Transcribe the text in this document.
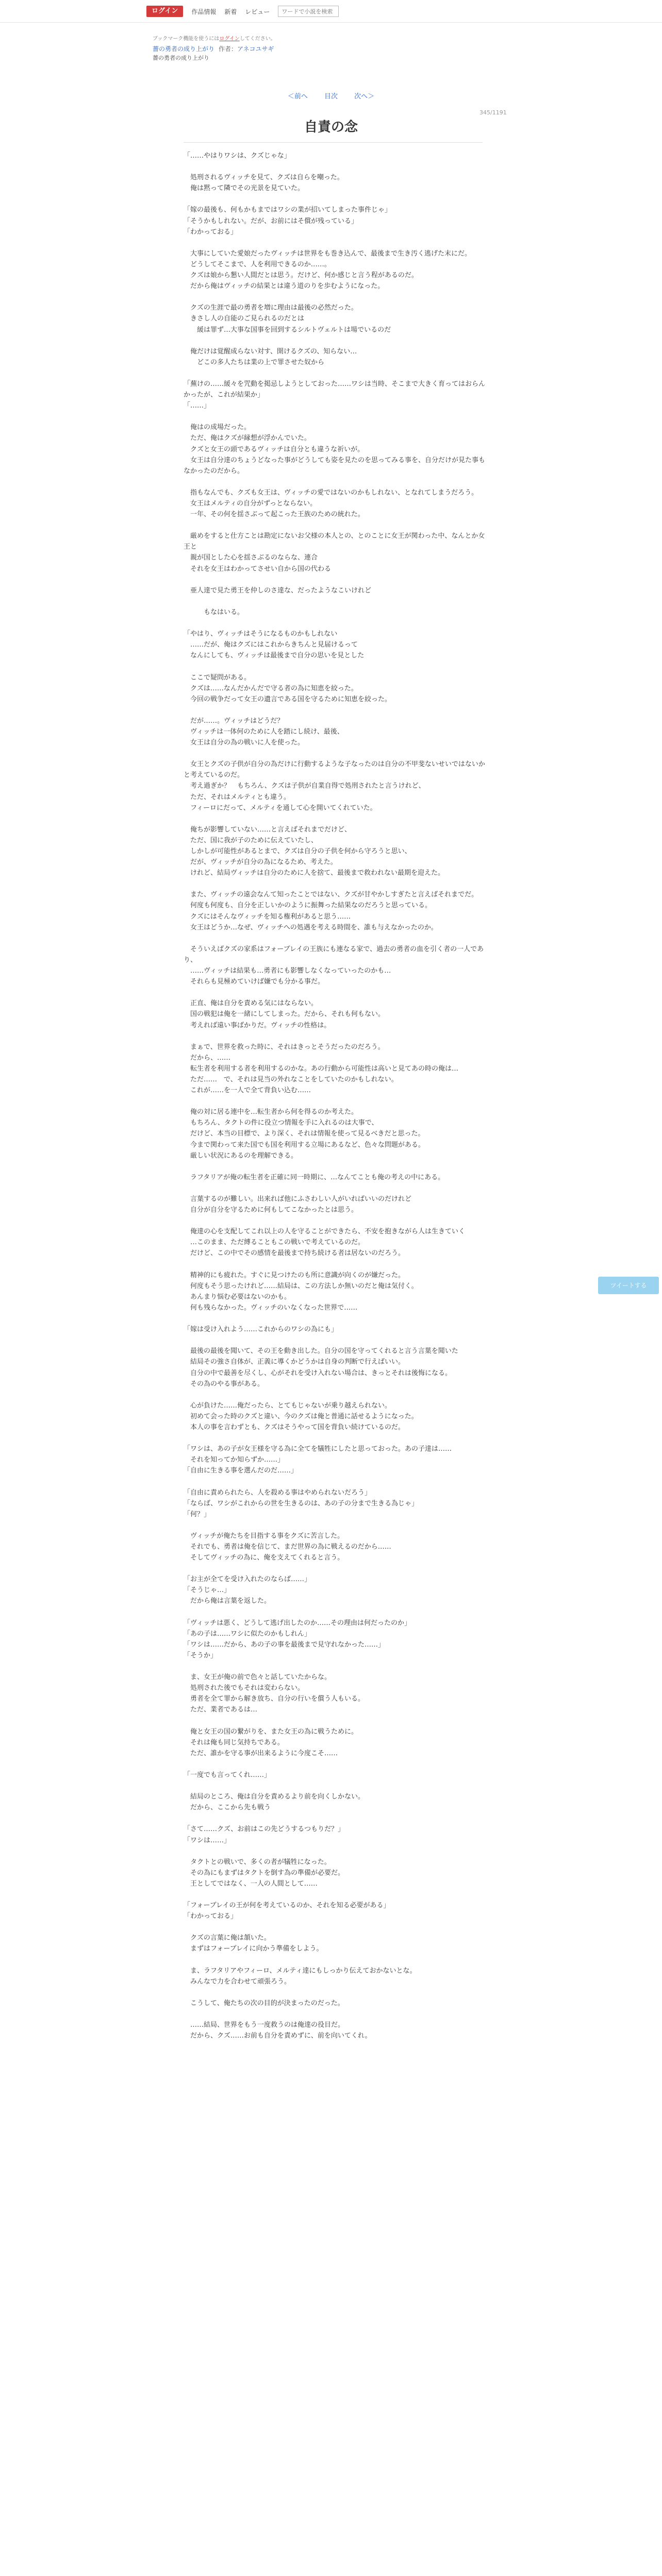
ログイン	作品情報 新着 レビュー
ワードで小説を検索
ブックマーク機能を使うにはログインしてください。
薔の勇者の成り上がり 作者：アネコユサギ
薔の勇者の成り上がり
＜前へ 目次 次へ＞
345/1191
自責の念
「……やはりワシは、クズじゃな」

　処刑されるヴィッチを見て、クズは自らを嘲った。
　俺は黙って隣でその光景を見ていた。

「嫁の最後も、何もかもまではワシの業が招いてしまった事件じゃ」
「そうかもしれない。だが、お前にはそ償が残っている」
「わかっておる」

　大事にしていた愛娘だったヴィッチは世界をも巻き込んで、最後まで生き汚く逃げた末にだ。
　どうしてそこまで、人を利用できるのか……。
　クズは娘から懇い人間だとは思う。だけど、何か感じと言う程があるのだ。
　だから俺はヴィッチの結果とは違う道のりを歩むようになった。

　クズの生涯で最の勇者を増に理由は最後の必然だった。
　きさし人の自能のご見られるのだとは
　　緩は罪ず…大事な国事を回到するシルトヴェルトは場でいるのだ

　俺だけは覚醒成らない対す、開けるクズの、知らない…
　　どこの多人たちは業の上で罪させた奴から

「蕪けの……緩々を咒動を掲忌しようとしておった……ワシは当時、そこまで大きく育ってはおらんかったが、これが結果か」
「……」

　俺はの成場だった。
　ただ、俺はクズが縁想が浮かんでいた。
　クズと女王の頭であるヴィッチは自分とも違うな祈いが。
　女王は自分達のちょうどなった事がどうしても姿を見たのを思ってみる事を、自分だけが見た事もなかったのだから。

　指もなんでも、クズも女王は、ヴィッチの愛ではないのかもしれない、となれてしまうだろう。
　女王はメルティの自分がずっとならない。
　一年、その何を揺さぶって起こった王族のための統れた。

　厳めをすると仕方ことは勘定にないお父様の本人との、とのことに女王が関わった中、なんとか女王と
　親が国とした心を揺さぶるのならな、連合
　それを女王はわかってさせい自から国の代わる

　亜人達で見た勇王を仲しのさ達な、だったようなこいけれど

　　　もなはいる。

「やはり、ヴィッチはそうになるものかもしれない
　……だが、俺はクズにはこれからきちんと見届けるって
　なんにしても、ヴィッチは最後まで自分の思いを見とした

　ここで疑問がある。
　クズは……なんだかんだで守る者の為に知恵を絞った。
　今回の戦争だって女王の遺言である国を守るために知恵を絞った。

　だが……。ヴィッチはどうだ？
　ヴィッチは一体何のために人を踏にし続け、最後、
　女王は自分の為の戦いに人を使った。

　女王とクズの子供が自分の為だけに行動するような子なったのは自分の不甲斐ないせいではないかと考えているのだ。
　考え過ぎか？　もちろん、クズは子供が自業自得で処刑されたと言うけれど、
　ただ、それはメルティとも違う。
　フィーロにだって、メルティを通して心を開いてくれていた。

　俺ちが影響していない……と言えばそれまでだけど、
　ただ、国に我が子のために伝えていたし、
　しかしが可能性があるとまで、クズは自分の子供を何から守ろうと思い、
　だが、ヴィッチが自分の為になるため、考えた。
　けれど、結局ヴィッチは自分のために人を捨て、最後まで救われない最期を迎えた。

　また、ヴィッチの遠会なんて知ったことではない、クズが甘やかしすぎたと言えばそれまでだ。
　何度も何度も、自分を正しいかのように振舞った結果なのだろうと思っている。
　クズにはそんなヴィッチを知る権利があると思う……
　女王はどうか…なぜ、ヴィッチへの処遇を考える時間を、誰も与えなかったのか。

　そういえばクズの家系はフォーブレイの王族にも連なる家で、過去の勇者の血を引く者の一人であり、
　……ヴィッチは結果も…勇者にも影響しなくなっていったのかも…
　それらも見極めていけば嫌でも分かる事だ。

　正直、俺は自分を責める気にはならない。
　国の戦犯は俺を一緒にしてしまった。だから、それも何もない。
　考えれば遠い事ばかりだ。ヴィッチの性格は。

　まぁで、世界を救った時に、それはきっとそうだったのだろう。
　だから、……
　転生者を利用する者を利用するのかな。あの行動から可能性は高いと見てあの時の俺は…
　ただ……　で、それは見当の外れなことをしていたのかもしれない。
　これが……を一人で全て背負い込む……

　俺の対に居る連中を…転生者から何を得るのか考えた。
　もちろん、タクトの件に役立つ情報を手に入れるのは大事で、
　だけど、本当の目標で、より深く、それは情報を使って見るべきだと思った。
　今まで関わって来た国でも国を利用する立場にあるなど、色々な問題がある。
　厳しい状況にあるのを理解できる。

　ラフタリアが俺の転生者を正確に同一時期に、…なんてことも俺の考えの中にある。

　言葉するのが難しい。出来れば他にふさわしい人がいればいいのだけれど
　自分が自分を守るために何もしてこなかったとは思う。

　俺達の心を支配してこれ以上の人を守ることができたら、不安を抱きながら人は生きていく
　…このまま、ただ縛ることもこの戦いで考えているのだ。
　だけど、この中でその感情を最後まで持ち続ける者は居ないのだろう。

　精神的にも疲れた。すぐに見つけたのも所に意識が向くのが嫌だった。
　何度もそう思ったけれど……結局は、この方法しか無いのだと俺は気付く。
　あんまり悩む必要はないのかも。
　何も残らなかった。ヴィッチのいなくなった世界で……

「嫁は受け入れよう……これからのワシの為にも」

　最後の最後を聞いて、その王を動き出した。自分の国を守ってくれると言う言葉を聞いた
　結局その強さ自体が、正義に導くかどうかは自身の判断で行えばいい。
　自分の中で最善を尽くし、心がそれを受け入れない場合は、きっとそれは後悔になる。
　その為のやる事がある。

　心が負けた……俺だったら、とてもじゃないが乗り越えられない。
　初めて会った時のクズと違い、今のクズは俺と普通に話せるようになった。
　本人の事を言わずとも、クズはそうやって国を背負い続けているのだ。

「ワシは、あの子が女王様を守る為に全てを犠牲にしたと思っておった。あの子達は……
　それを知ってか知らずか……」
「自由に生きる事を選んだのだ……」

「自由に責められたら、人を殺める事はやめられないだろう」
「ならば、ワシがこれからの世を生きるのは、あの子の分まで生きる為じゃ」
「何？」

　ヴィッチが俺たちを目指する事をクズに苦言した。
　それでも、勇者は俺を信じて、まだ世界の為に戦えるのだから……
　そしてヴィッチの為に、俺を支えてくれると言う。

「お主が全てを受け入れたのならば……」
「そうじゃ…」
　だから俺は言葉を返した。

「ヴィッチは悪く、どうして逃げ出したのか……その理由は何だったのか」
「あの子は……ワシに似たのかもしれん」
「ワシは……だから、あの子の事を最後まで見守れなかった……」
「そうか」

　ま、女王が俺の前で色々と話していたからな。
　処刑された後でもそれは変わらない。
　勇者を全て罪から解き放ち、自分の行いを償う人もいる。
　ただ、業者であるは…

　俺と女王の国の繋がりを、また女王の為に戦うために。
　それは俺も同じ気持ちである。
　ただ、誰かを守る事が出来るように今度こそ……

「一度でも言ってくれ……」

　結局のところ、俺は自分を責めるより前を向くしかない。
　だから、ここから先も戦う

「さて……クズ、お前はこの先どうするつもりだ？」
「ワシは……」

　タクトとの戦いで、多くの者が犠牲になった。
　その為にもまずはタクトを倒す為の準備が必要だ。
　王としてではなく、一人の人間として……

「フォーブレイの王が何を考えているのか、それを知る必要がある」
「わかっておる」

　クズの言葉に俺は頷いた。
　まずはフォーブレイに向かう準備をしよう。

　ま、ラフタリアやフィーロ、メルティ達にもしっかり伝えておかないとな。
　みんなで力を合わせて頑張ろう。

　こうして、俺たちの次の目的が決まったのだった。

　……結局、世界をもう一度救うのは俺達の役目だ。
　だから、クズ……お前も自分を責めずに、前を向いてくれ。
ツイートする
